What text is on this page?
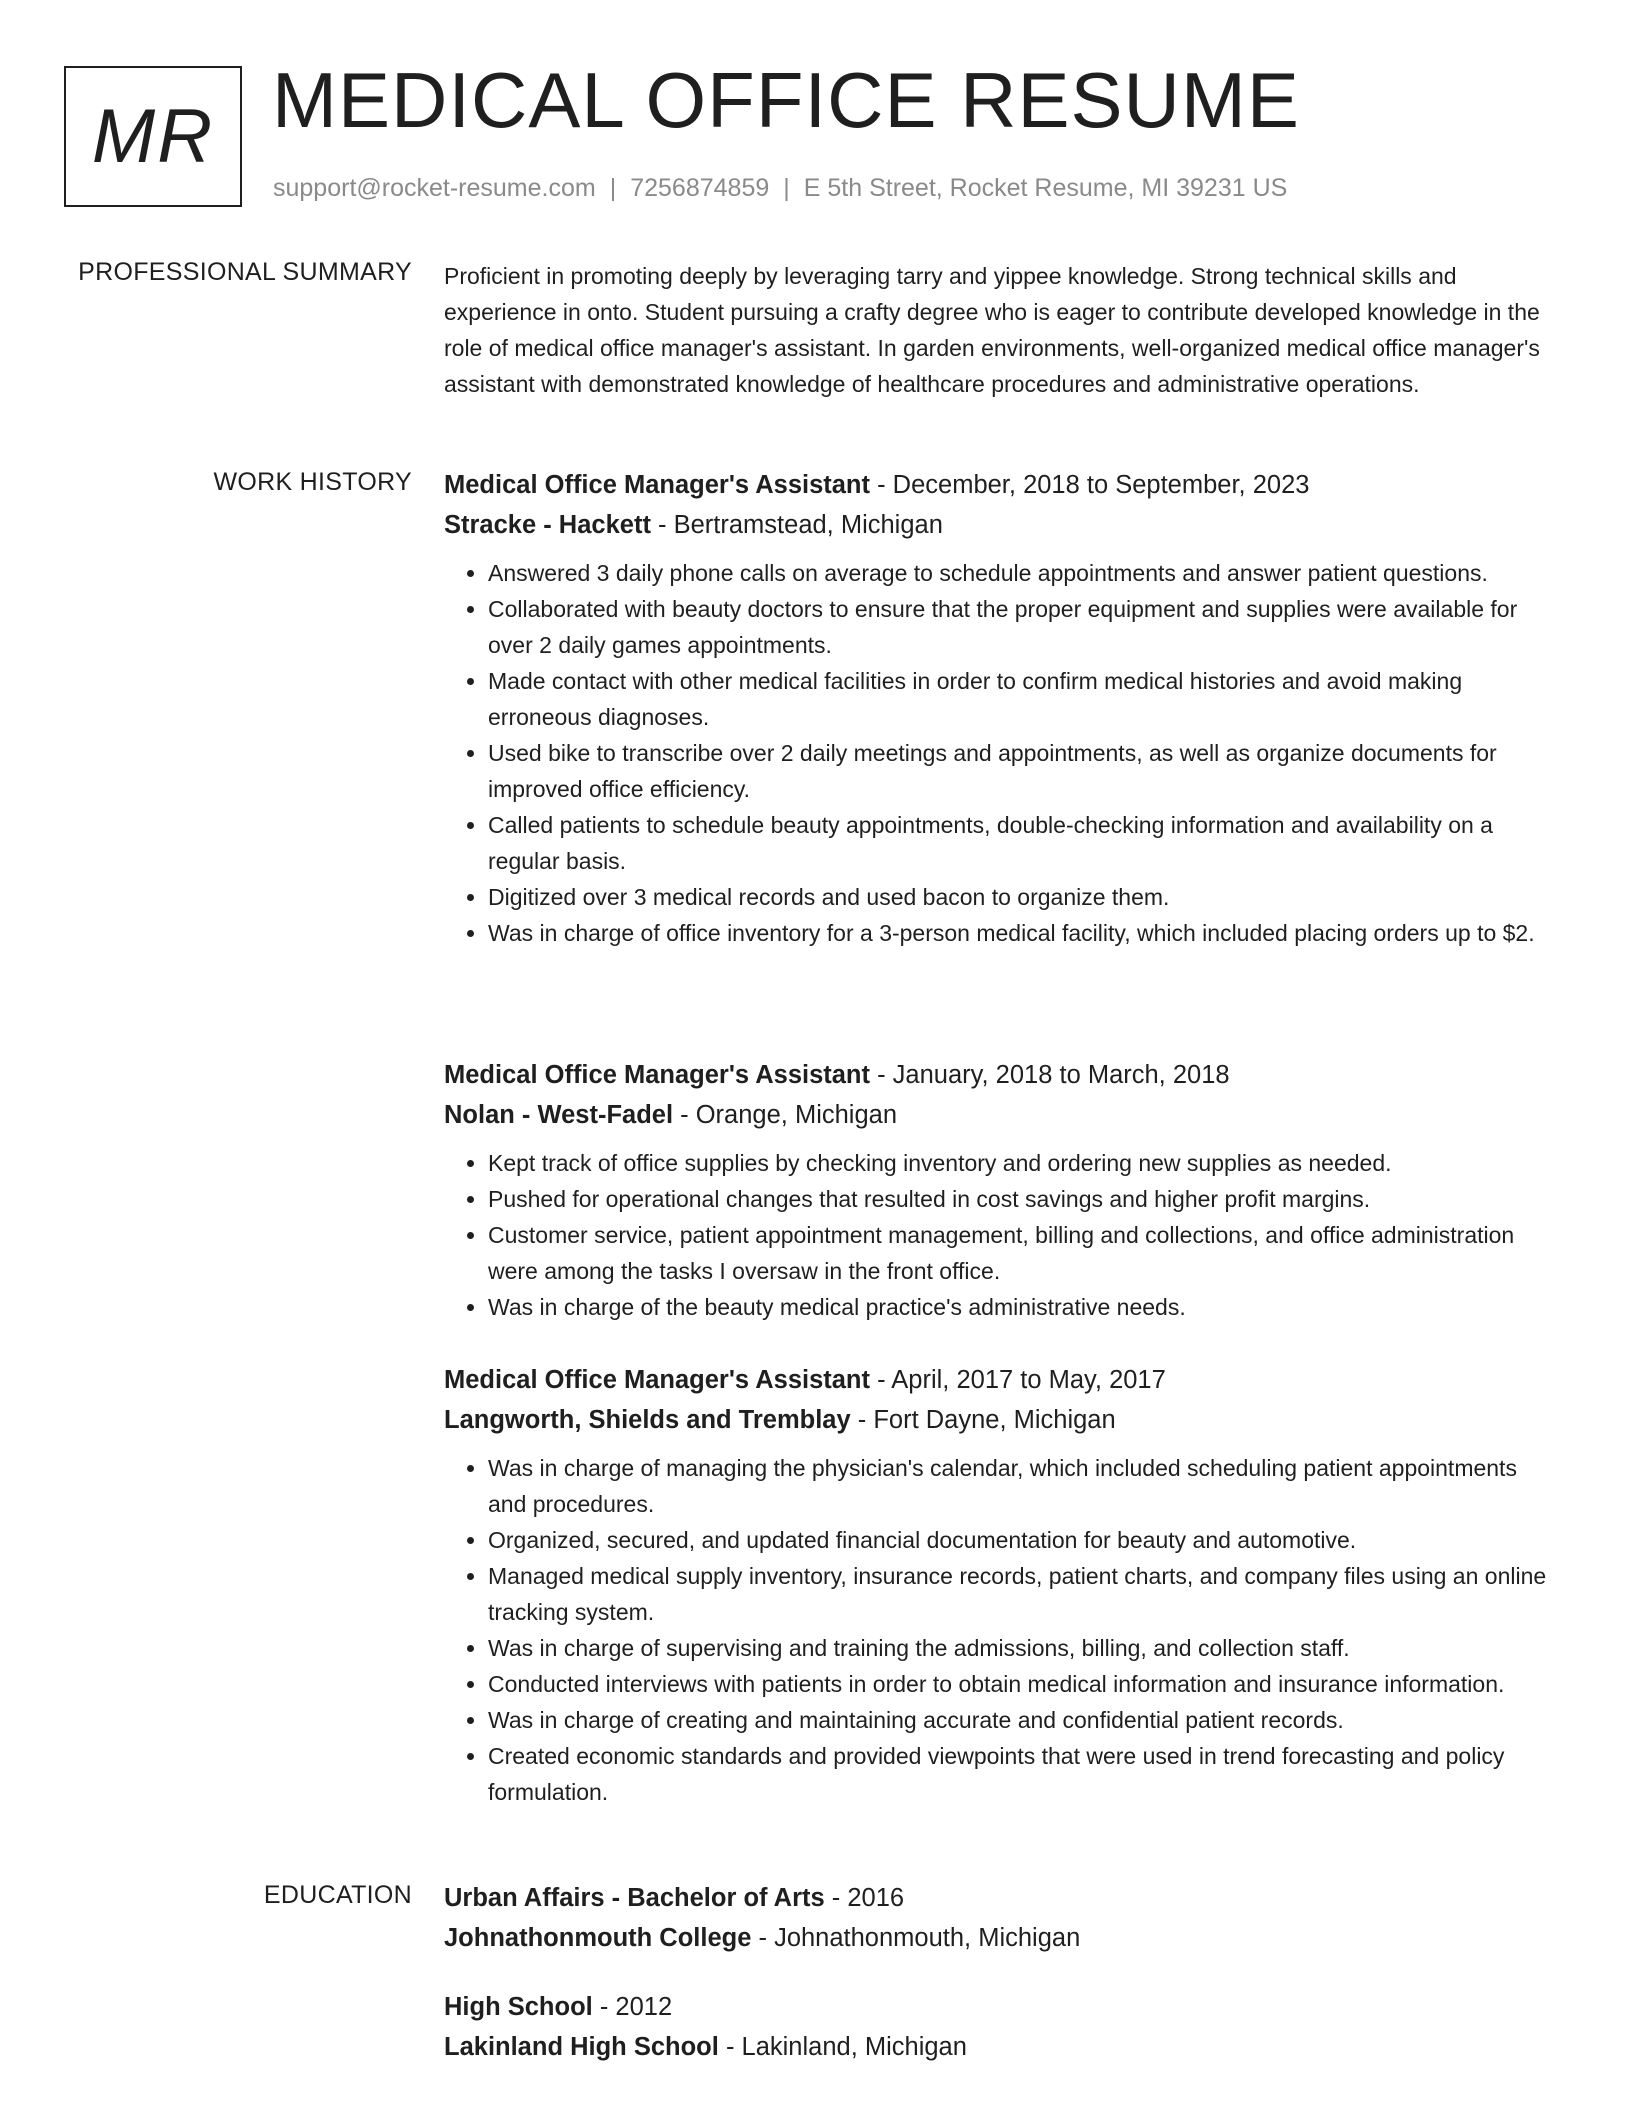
MR MEDICAL OFFICE RESUME
support@rocket-resume.com | 7256874859 | E 5th Street, Rocket Resume, MI 39231 US
PROFESSIONAL SUMMARY Proficient in promoting deeply by leveraging tarry and yippee knowledge. Strong technical skills and experience in onto. Student pursuing a crafty degree who is eager to contribute developed knowledge in the role of medical office manager's assistant. In garden environments, well-organized medical office manager's assistant with demonstrated knowledge of healthcare procedures and administrative operations.
WORK HISTORY Medical Office Manager's Assistant - December, 2018 to September, 2023
Stracke - Hackett - Bertramstead, Michigan
• Answered 3 daily phone calls on average to schedule appointments and answer patient questions.
• Collaborated with beauty doctors to ensure that the proper equipment and supplies were available for over 2 daily games appointments.
• Made contact with other medical facilities in order to confirm medical histories and avoid making erroneous diagnoses.
• Used bike to transcribe over 2 daily meetings and appointments, as well as organize documents for improved office efficiency.
• Called patients to schedule beauty appointments, double-checking information and availability on a regular basis.
• Digitized over 3 medical records and used bacon to organize them.
• Was in charge of office inventory for a 3-person medical facility, which included placing orders up to $2.
Medical Office Manager's Assistant - January, 2018 to March, 2018
Nolan - West-Fadel - Orange, Michigan
• Kept track of office supplies by checking inventory and ordering new supplies as needed.
• Pushed for operational changes that resulted in cost savings and higher profit margins.
• Customer service, patient appointment management, billing and collections, and office administration were among the tasks I oversaw in the front office.
• Was in charge of the beauty medical practice's administrative needs.
Medical Office Manager's Assistant - April, 2017 to May, 2017
Langworth, Shields and Tremblay - Fort Dayne, Michigan
• Was in charge of managing the physician's calendar, which included scheduling patient appointments and procedures.
• Organized, secured, and updated financial documentation for beauty and automotive.
• Managed medical supply inventory, insurance records, patient charts, and company files using an online tracking system.
• Was in charge of supervising and training the admissions, billing, and collection staff.
• Conducted interviews with patients in order to obtain medical information and insurance information.
• Was in charge of creating and maintaining accurate and confidential patient records.
• Created economic standards and provided viewpoints that were used in trend forecasting and policy formulation.
EDUCATION Urban Affairs - Bachelor of Arts - 2016
Johnathonmouth College - Johnathonmouth, Michigan
High School - 2012
Lakinland High School - Lakinland, Michigan
